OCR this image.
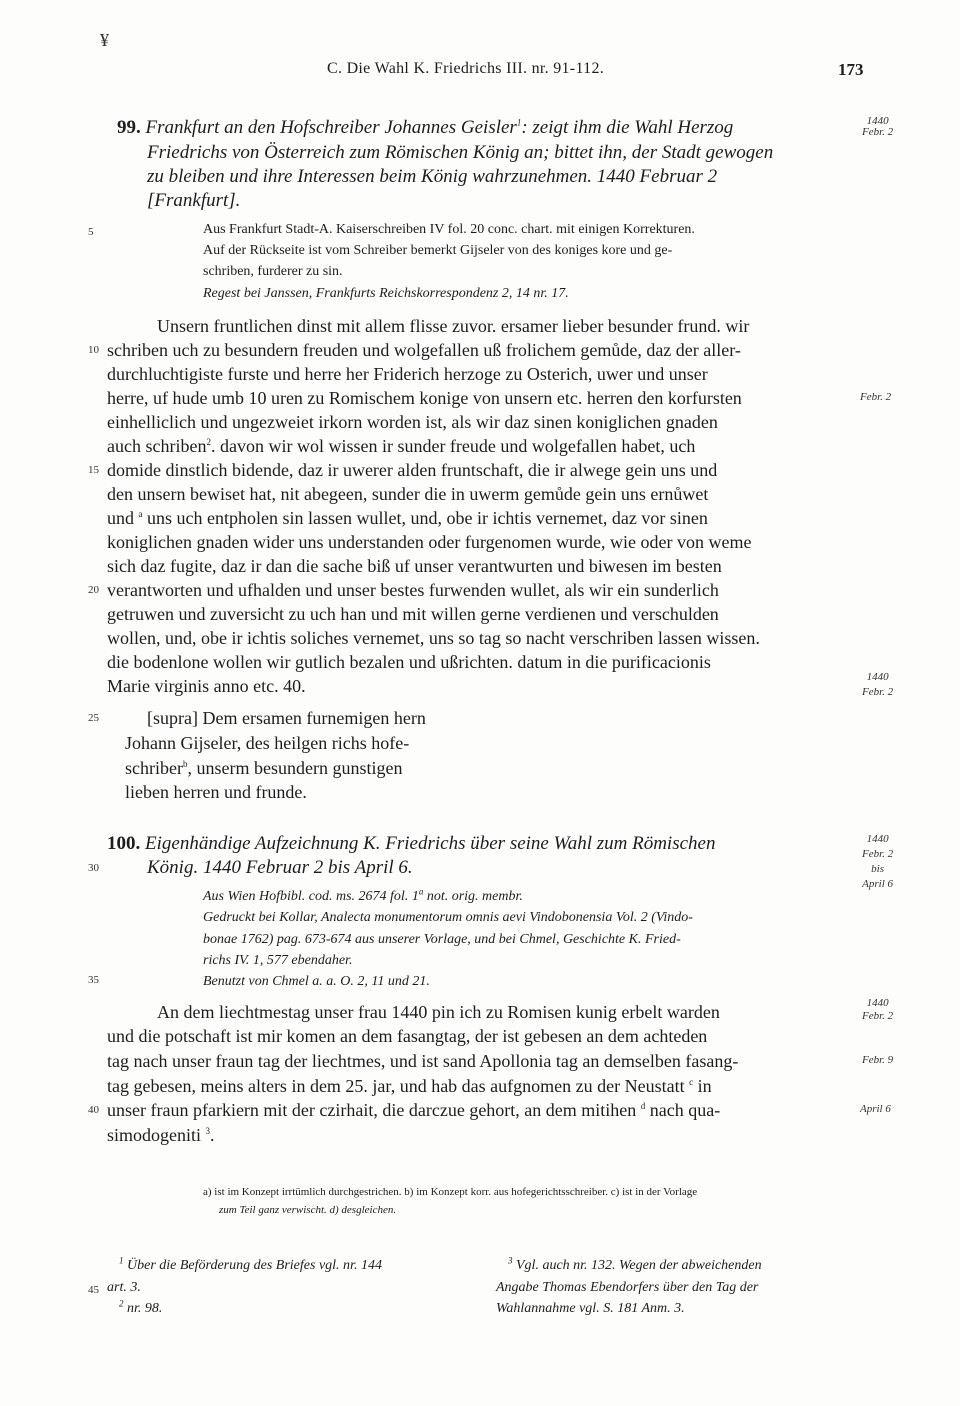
¥
C. Die Wahl K. Friedrichs III. nr. 91-112.	173
99. Frankfurt an den Hofschreiber Johannes Geisler$^1$: zeigt ihm die Wahl Herzog
Friedrichs von Österreich zum Römischen König an; bittet ihn, der Stadt gewogen
zu bleiben und ihre Interessen beim König wahrzunehmen. 1440 Februar 2
[Frankfurt].
Aus Frankfurt Stadt-A. Kaiserschreiben IV fol. 20 conc. chart. mit einigen Korrekturen.
Auf der Rückseite ist vom Schreiber bemerkt Gijseler von des koniges kore und ge-
schriben, furderer zu sin.
Regest bei Janssen, Frankfurts Reichskorrespondenz 2, 14 nr. 17.
Unsern fruntlichen dinst mit allem flisse zuvor. ersamer lieber besunder frund. wir
schriben uch zu besundern freuden und wolgefallen uß frolichem gemůde, daz der aller-
durchluchtigiste furste und herre her Friderich herzoge zu Osterich, uwer und unser
herre, uf hude umb 10 uren zu Romischem konige von unsern etc. herren den korfursten
einhelliclich und ungezweiet irkorn worden ist, als wir daz sinen koniglichen gnaden
auch schriben$^2$. davon wir wol wissen ir sunder freude und wolgefallen habet, uch
domide dinstlich bidende, daz ir uwerer alden fruntschaft, die ir alwege gein uns und
den unsern bewiset hat, nit abegeen, sunder die in uwerm gemůde gein uns ernůwet
und $^a$ uns uch entpholen sin lassen wullet, und, obe ir ichtis vernemet, daz vor sinen
koniglichen gnaden wider uns understanden oder furgenomen wurde, wie oder von weme
sich daz fugite, daz ir dan die sache biß uf unser verantwurten und biwesen im besten
verantworten und ufhalden und unser bestes furwenden wullet, als wir ein sunderlich
getruwen und zuversicht zu uch han und mit willen gerne verdienen und verschulden
wollen, und, obe ir ichtis soliches vernemet, uns so tag so nacht verschriben lassen wissen.
die bodenlone wollen wir gutlich bezalen und ußrichten. datum in die purificacionis
Marie virginis anno etc. 40.
[supra] Dem ersamen furnemigen hern
Johann Gijseler, des heilgen richs hofe-
schriber$^b$, unserm besundern gunstigen
lieben herren und frunde.
100. Eigenhändige Aufzeichnung K. Friedrichs über seine Wahl zum Römischen
König. 1440 Februar 2 bis April 6.
Aus Wien Hofbibl. cod. ms. 2674 fol. 1$^a$ not. orig. membr.
Gedruckt bei Kollar, Analecta monumentorum omnis aevi Vindobonensia Vol. 2 (Vindo-
bonae 1762) pag. 673-674 aus unserer Vorlage, und bei Chmel, Geschichte K. Fried-
richs IV. 1, 577 ebendaher.
Benutzt von Chmel a. a. O. 2, 11 und 21.
An dem liechtmestag unser frau 1440 pin ich zu Romisen kunig erbelt warden
und die potschaft ist mir komen an dem fasangtag, der ist gebesen an dem achteden
tag nach unser fraun tag der liechtmes, und ist sand Apollonia tag an demselben fasang-
tag gebesen, meins alters in dem 25. jar, und hab das aufgnomen zu der Neustatt $^c$ in
unser fraun pfarkiern mit der czirhait, die darczue gehort, an dem mitihen $^d$ nach qua-
simodogeniti $^3$.
5
10
15
20
25
30
35
40
45
1440
Febr. 2
Febr. 2
1440
Febr. 2
1440
Febr. 2
bis
April 6
1440
Febr. 2
Febr. 9
April 6
a) ist im Konzept irrtümlich durchgestrichen. b) im Konzept korr. aus hofegerichtsschreiber. c) ist in der Vorlage
zum Teil ganz verwischt. d) desgleichen.
$^1$ Über die Beförderung des Briefes vgl. nr. 144
art. 3.
$^2$ nr. 98.
$^3$ Vgl. auch nr. 132. Wegen der abweichenden
Angabe Thomas Ebendorfers über den Tag der
Wahlannahme vgl. S. 181 Anm. 3.
